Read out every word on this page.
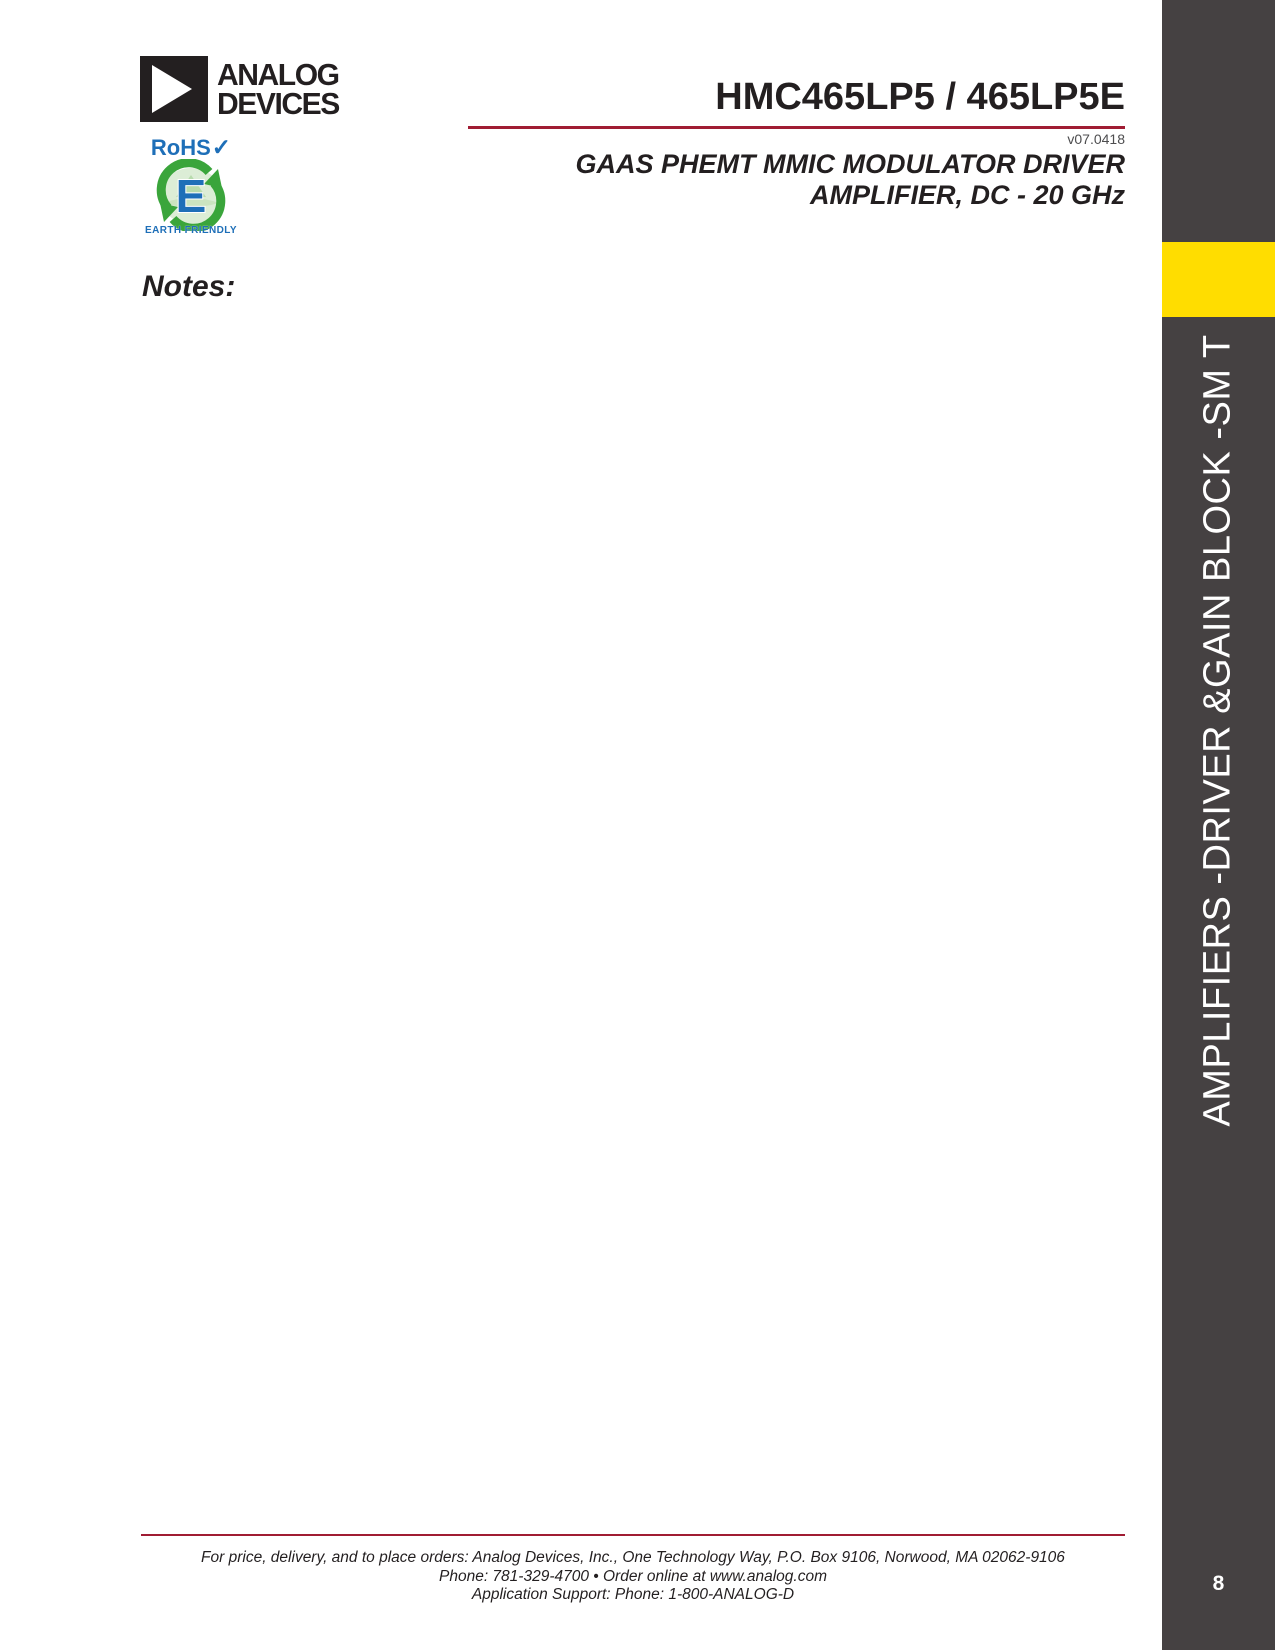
ANALOG
DEVICES
RoHS✓
E
EARTH FRIENDLY
HMC465LP5 / 465LP5E
v07.0418
GAAS PHEMT MMIC MODULATOR DRIVER
AMPLIFIER, DC - 20 GHz
Notes:

For price, delivery, and to place orders: Analog Devices, Inc., One Technology Way, P.O. Box 9106, Norwood, MA 02062-9106

Phone: 781-329-4700 • Order online at www.analog.com

Application Support: Phone: 1-800-ANALOG-D

AMPLIFIERS -DRIVER &GAIN BLOCK -SM T
8
